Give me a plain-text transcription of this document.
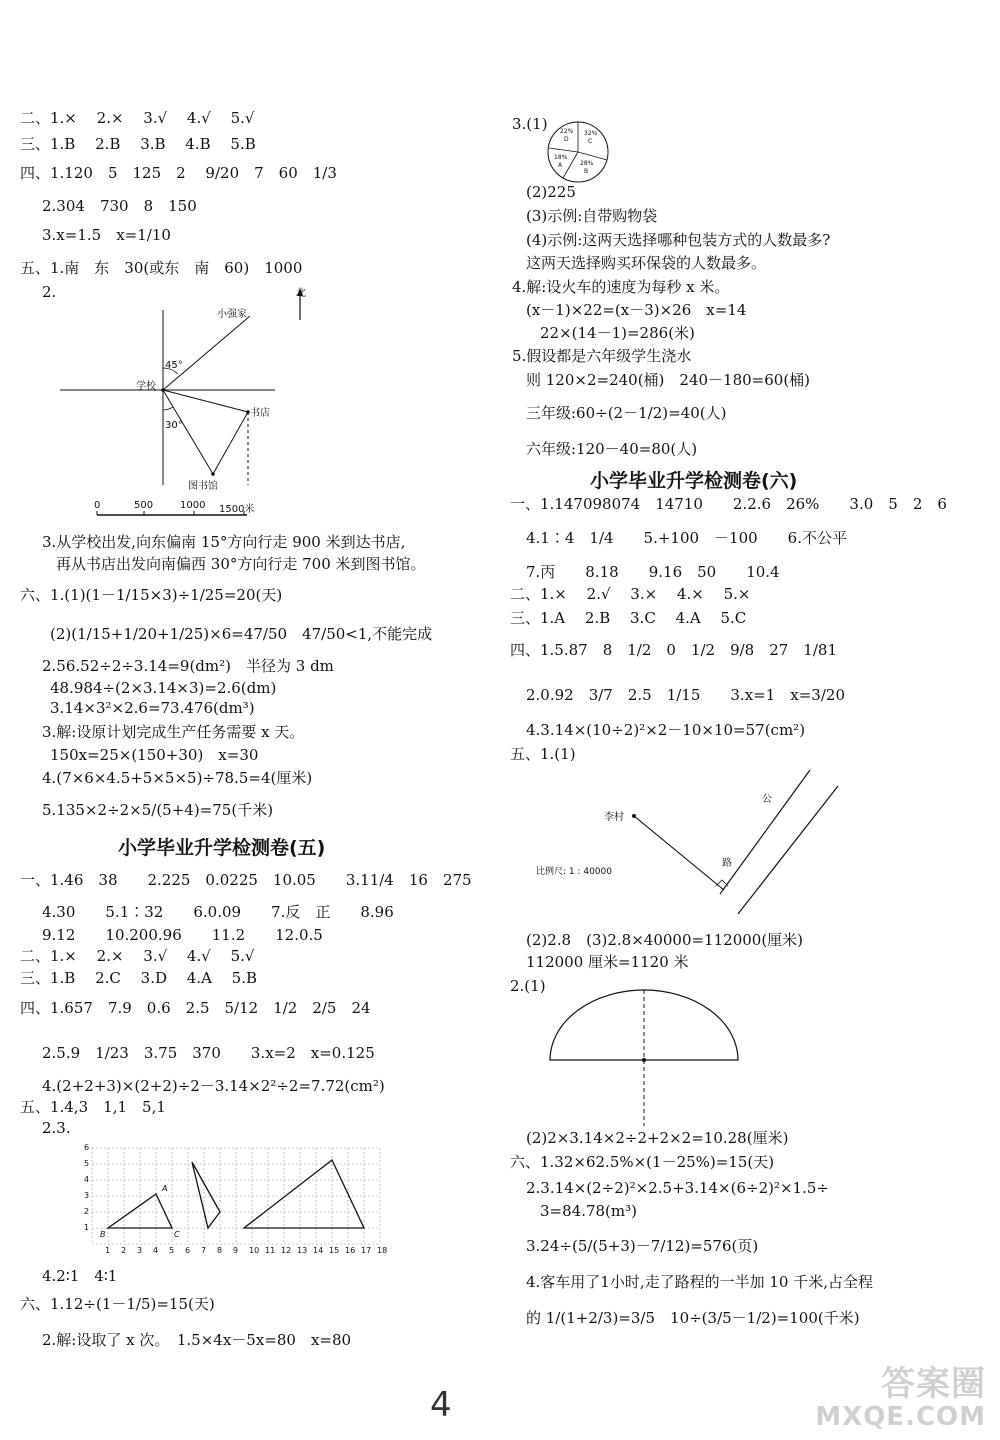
二、1.×　 2.×　 3.√　 4.√　 5.√
三、1.B　 2.B　 3.B　 4.B　 5.B
四、1.120　5　125　2　 9/20　7　60　1/3
2.304　730　8　150
3.x=1.5　x=1/10
五、1.南　东　30(或东　南　60)　1000
2.	北
小强家
学校
45°
30°
书店
图书馆
0	500	1000 1500米
3.从学校出发,向东偏南 15°方向行走 900 米到达书店,
再从书店出发向南偏西 30°方向行走 700 米到图书馆。
六、1.(1)(1－1/15×3)÷1/25=20(天)
(2)(1/15+1/20+1/25)×6=47/50　47/50<1,不能完成
2.56.52÷2÷3.14=9(dm²)　半径为 3 dm
48.984÷(2×3.14×3)=2.6(dm)
3.14×3²×2.6=73.476(dm³)
3.解:设原计划完成生产任务需要 x 天。
150x=25×(150+30)　x=30
4.(7×6×4.5+5×5×5)÷78.5=4(厘米)
5.135×2÷2×5/(5+4)=75(千米)
小学毕业升学检测卷(五)
一、1.46　38　　2.225　0.0225　10.05　　3.11/4　16　275
4.30　　5.1∶32　　6.0.09　　7.反　正　　8.96
9.12　　10.200.96　　11.2　　12.0.5
二、1.×　 2.×　 3.√　 4.√　 5.√
三、1.B　 2.C　 3.D　 4.A　 5.B
四、1.657　7.9　0.6　2.5　5/12　1/2　2/5　24
2.5.9　1/23　3.75　370　　3.x=2　x=0.125
4.(2+2+3)×(2+2)÷2－3.14×2²÷2=7.72(cm²)
五、1.4,3　1,1　5,1
2.3.
A
B	C
1 2 3 4 5 6 7 8 9 10 11 12 13 14 15 16 17 18
1
2
3
4
5
6
4.2∶1　4∶1
六、1.12÷(1－1/5)=15(天)
2.解:设取了 x 次。　1.5×4x－5x=80　x=80
3.(1) 22%
D
32%
C
18%
A	28%
B
(2)225
(3)示例:自带购物袋
(4)示例:这两天选择哪种包装方式的人数最多?
这两天选择购买环保袋的人数最多。
4.解:设火车的速度为每秒 x 米。
(x－1)×22=(x－3)×26　x=14
22×(14－1)=286(米)
5.假设都是六年级学生浇水
则 120×2=240(桶)　240－180=60(桶)
三年级:60÷(2－1/2)=40(人)
六年级:120－40=80(人)
小学毕业升学检测卷(六)
一、1.147098074　14710　　2.2.6　26%　　3.0　5　2　6
4.1∶4　1/4　　5.+100　－100　　6.不公平
7.丙　　8.18　　9.16　50　　10.4
二、1.×　 2.√　 3.×　 4.×　 5.×
三、1.A　 2.B　 3.C　 4.A　 5.C
四、1.5.87　8　1/2　0　1/2　9/8　27　1/81
2.0.92　3/7　2.5　1/15　　3.x=1　x=3/20
4.3.14×(10÷2)²×2－10×10=57(cm²)
五、1.(1)
李村
公
路
比例尺: 1 : 40000
(2)2.8　(3)2.8×40000=112000(厘米)
112000 厘米=1120 米
2.(1)
(2)2×3.14×2÷2+2×2=10.28(厘米)
六、1.32×62.5%×(1－25%)=15(天)
2.3.14×(2÷2)²×2.5+3.14×(6÷2)²×1.5÷
3=84.78(m³)
3.24÷(5/(5+3)－7/12)=576(页)
4.客车用了1小时,走了路程的一半加 10 千米,占全程
的 1/(1+2/3)=3/5　10÷(3/5－1/2)=100(千米)
4
答案圈
MXQE.COM
